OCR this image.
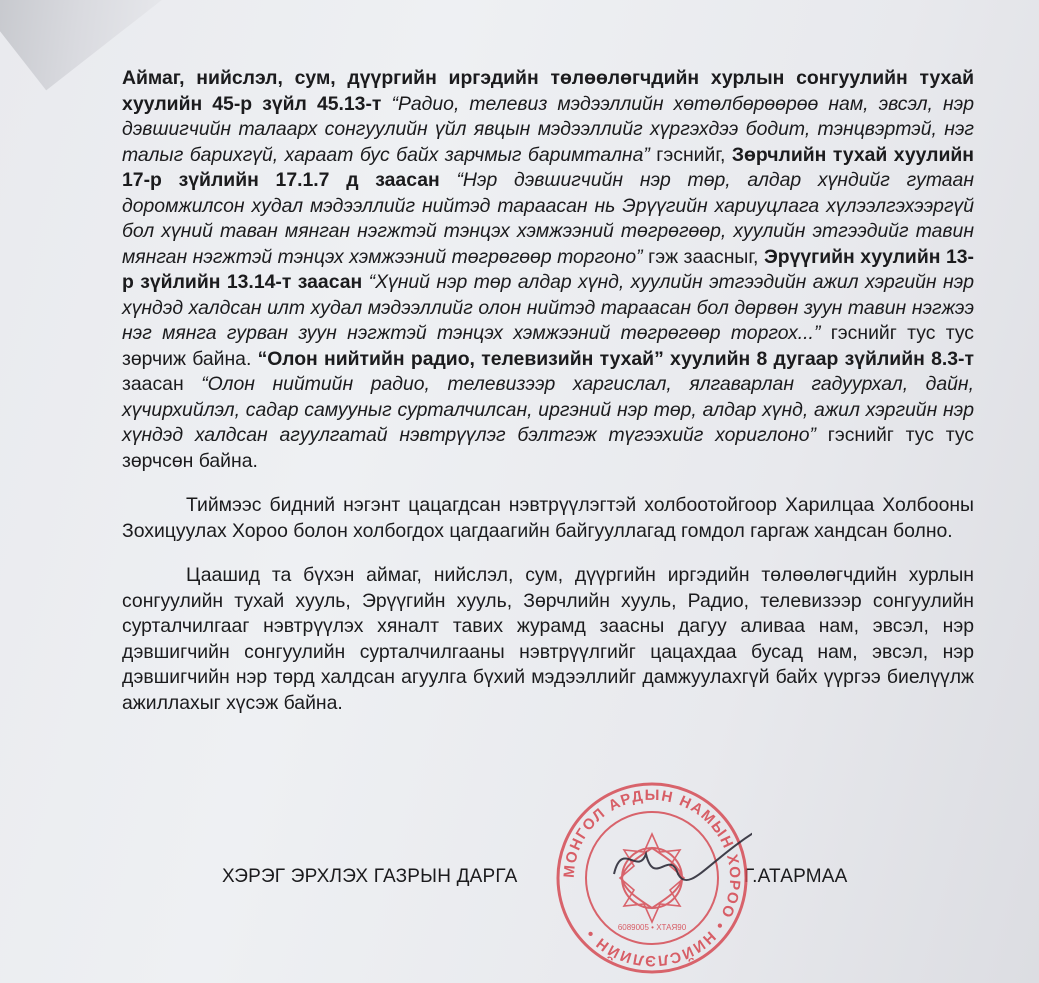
Аймаг, нийслэл, сум, дүүргийн иргэдийн төлөөлөгчдийн хурлын сонгуулийн тухай хуулийн 45-р зүйл 45.13-т “Радио, телевиз мэдээллийн хөтөлбөрөөрөө нам, эвсэл, нэр дэвшигчийн талаарх сонгуулийн үйл явцын мэдээллийг хүргэхдээ бодит, тэнцвэртэй, нэг талыг барихгүй, хараат бус байх зарчмыг баримтална” гэснийг, Зөрчлийн тухай хуулийн 17-р зүйлийн 17.1.7 д заасан “Нэр дэвшигчийн нэр төр, алдар хүндийг гутаан доромжилсон худал мэдээллийг нийтэд тараасан нь Эрүүгийн хариуцлага хүлээлгэхээргүй бол хүний таван мянган нэгжтэй тэнцэх хэмжээний төгрөгөөр, хуулийн этгээдийг тавин мянган нэгжтэй тэнцэх хэмжээний төгрөгөөр торгоно” гэж заасныг, Эрүүгийн хуулийн 13-р зүйлийн 13.14-т заасан “Хүний нэр төр алдар хүнд, хуулийн этгээдийн ажил хэргийн нэр хүндэд халдсан илт худал мэдээллийг олон нийтэд тараасан бол дөрвөн зуун тавин нэгжээ нэг мянга гурван зуун нэгжтэй тэнцэх хэмжээний төгрөгөөр торгох...” гэснийг тус тус зөрчиж байна. “Олон нийтийн радио, телевизийн тухай” хуулийн 8 дугаар зүйлийн 8.3-т заасан “Олон нийтийн радио, телевизээр харгислал, ялгаварлан гадуурхал, дайн, хүчирхийлэл, садар самууныг сурталчилсан, иргэний нэр төр, алдар хүнд, ажил хэргийн нэр хүндэд халдсан агуулгатай нэвтрүүлэг бэлтгэж түгээхийг хориглоно” гэснийг тус тус зөрчсөн байна.

Тиймээс бидний нэгэнт цацагдсан нэвтрүүлэгтэй холбоотойгоор Харилцаа Холбооны Зохицуулах Хороо болон холбогдох цагдаагийн байгууллагад гомдол гаргаж хандсан болно.

Цаашид та бүхэн аймаг, нийслэл, сум, дүүргийн иргэдийн төлөөлөгчдийн хурлын сонгуулийн тухай хууль, Эрүүгийн хууль, Зөрчлийн хууль, Радио, телевизээр сонгуулийн сурталчилгааг нэвтрүүлэх хяналт тавих журамд заасны дагуу аливаа нам, эвсэл, нэр дэвшигчийн сонгуулийн сурталчилгааны нэвтрүүлгийг цацахдаа бусад нам, эвсэл, нэр дэвшигчийн нэр төрд халдсан агуулга бүхий мэдээллийг дамжуулахгүй байх үүргээ биелүүлж ажиллахыг хүсэж байна.

ХЭРЭГ ЭРХЛЭХ ГАЗРЫН ДАРГА	Г.АТАРМАА
МОНГОЛ АРДЫН НАМЫН ХОРОО • НИЙСЛЭЛИЙН •	6089005 • ХТАЯ90
